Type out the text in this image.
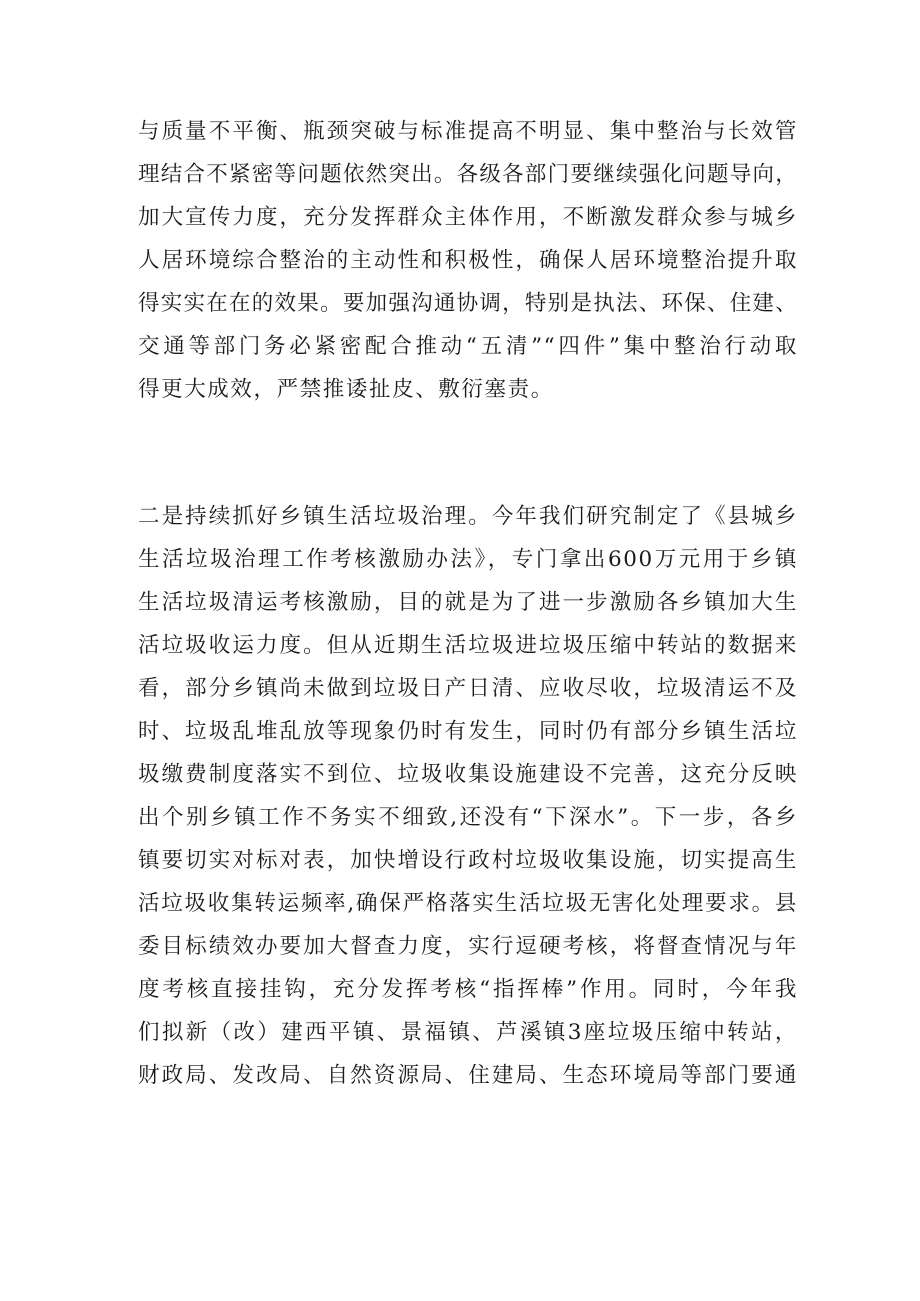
与质量不平衡、瓶颈突破与标准提高不明显、集中整治与长效管
理结合不紧密等问题依然突出。各级各部门要继续强化问题导向，
加大宣传力度，充分发挥群众主体作用，不断激发群众参与城乡
人居环境综合整治的主动性和积极性，确保人居环境整治提升取
得实实在在的效果。要加强沟通协调，特别是执法、环保、住建、
交通等部门务必紧密配合推动“五清”“四件”集中整治行动取
得更大成效，严禁推诿扯皮、敷衍塞责。
二是持续抓好乡镇生活垃圾治理。今年我们研究制定了《县城乡
生活垃圾治理工作考核激励办法》，专门拿出600万元用于乡镇
生活垃圾清运考核激励，目的就是为了进一步激励各乡镇加大生
活垃圾收运力度。但从近期生活垃圾进垃圾压缩中转站的数据来
看，部分乡镇尚未做到垃圾日产日清、应收尽收，垃圾清运不及
时、垃圾乱堆乱放等现象仍时有发生，同时仍有部分乡镇生活垃
圾缴费制度落实不到位、垃圾收集设施建设不完善，这充分反映
出个别乡镇工作不务实不细致,还没有“下深水”。下一步，各乡
镇要切实对标对表，加快增设行政村垃圾收集设施，切实提高生
活垃圾收集转运频率,确保严格落实生活垃圾无害化处理要求。县
委目标绩效办要加大督查力度，实行逗硬考核，将督查情况与年
度考核直接挂钩，充分发挥考核“指挥棒”作用。同时，今年我
们拟新（改）建西平镇、景福镇、芦溪镇3座垃圾压缩中转站，
财政局、发改局、自然资源局、住建局、生态环境局等部门要通
